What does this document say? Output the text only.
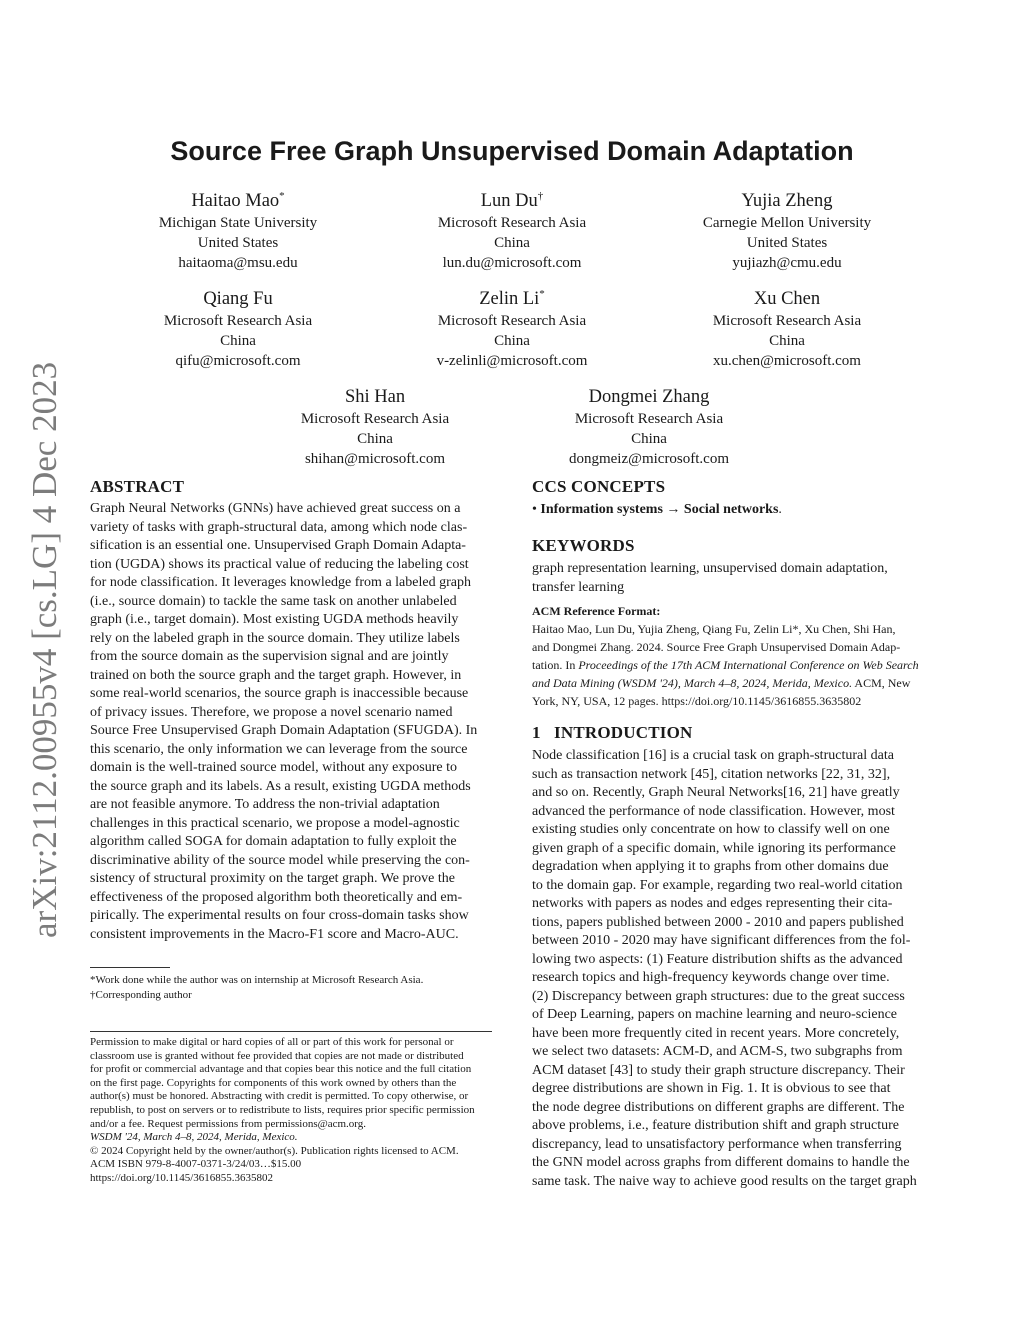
arXiv:2112.00955v4 [cs.LG] 4 Dec 2023
Source Free Graph Unsupervised Domain Adaptation
Haitao Mao*
Michigan State University
United States
haitaoma@msu.edu
Lun Du†
Microsoft Research Asia
China
lun.du@microsoft.com
Yujia Zheng
Carnegie Mellon University
United States
yujiazh@cmu.edu
Qiang Fu
Microsoft Research Asia
China
qifu@microsoft.com
Zelin Li*
Microsoft Research Asia
China
v-zelinli@microsoft.com
Xu Chen
Microsoft Research Asia
China
xu.chen@microsoft.com
Shi Han
Microsoft Research Asia
China
shihan@microsoft.com
Dongmei Zhang
Microsoft Research Asia
China
dongmeiz@microsoft.com
ABSTRACT

Graph Neural Networks (GNNs) have achieved great success on a
variety of tasks with graph-structural data, among which node clas-
sification is an essential one. Unsupervised Graph Domain Adapta-
tion (UGDA) shows its practical value of reducing the labeling cost
for node classification. It leverages knowledge from a labeled graph
(i.e., source domain) to tackle the same task on another unlabeled
graph (i.e., target domain). Most existing UGDA methods heavily
rely on the labeled graph in the source domain. They utilize labels
from the source domain as the supervision signal and are jointly
trained on both the source graph and the target graph. However, in
some real-world scenarios, the source graph is inaccessible because
of privacy issues. Therefore, we propose a novel scenario named
Source Free Unsupervised Graph Domain Adaptation (SFUGDA). In
this scenario, the only information we can leverage from the source
domain is the well-trained source model, without any exposure to
the source graph and its labels. As a result, existing UGDA methods
are not feasible anymore. To address the non-trivial adaptation
challenges in this practical scenario, we propose a model-agnostic
algorithm called SOGA for domain adaptation to fully exploit the
discriminative ability of the source model while preserving the con-
sistency of structural proximity on the target graph. We prove the
effectiveness of the proposed algorithm both theoretically and em-
pirically. The experimental results on four cross-domain tasks show
consistent improvements in the Macro-F1 score and Macro-AUC.

*Work done while the author was on internship at Microsoft Research Asia.

†Corresponding author

Permission to make digital or hard copies of all or part of this work for personal or
classroom use is granted without fee provided that copies are not made or distributed
for profit or commercial advantage and that copies bear this notice and the full citation
on the first page. Copyrights for components of this work owned by others than the
author(s) must be honored. Abstracting with credit is permitted. To copy otherwise, or
republish, to post on servers or to redistribute to lists, requires prior specific permission
and/or a fee. Request permissions from permissions@acm.org.

WSDM '24, March 4–8, 2024, Merida, Mexico.

© 2024 Copyright held by the owner/author(s). Publication rights licensed to ACM.

ACM ISBN 979-8-4007-0371-3/24/03…$15.00

https://doi.org/10.1145/3616855.3635802

CCS CONCEPTS

• Information systems → Social networks.

KEYWORDS

graph representation learning, unsupervised domain adaptation,
transfer learning

ACM Reference Format:

Haitao Mao, Lun Du, Yujia Zheng, Qiang Fu, Zelin Li*, Xu Chen, Shi Han,
and Dongmei Zhang. 2024. Source Free Graph Unsupervised Domain Adap-
tation. In Proceedings of the 17th ACM International Conference on Web Search
and Data Mining (WSDM '24), March 4–8, 2024, Merida, Mexico. ACM, New
York, NY, USA, 12 pages. https://doi.org/10.1145/3616855.3635802

1   INTRODUCTION

Node classification [16] is a crucial task on graph-structural data
such as transaction network [45], citation networks [22, 31, 32],
and so on. Recently, Graph Neural Networks[16, 21] have greatly
advanced the performance of node classification. However, most
existing studies only concentrate on how to classify well on one
given graph of a specific domain, while ignoring its performance
degradation when applying it to graphs from other domains due
to the domain gap. For example, regarding two real-world citation
networks with papers as nodes and edges representing their cita-
tions, papers published between 2000 - 2010 and papers published
between 2010 - 2020 may have significant differences from the fol-
lowing two aspects: (1) Feature distribution shifts as the advanced
research topics and high-frequency keywords change over time.
(2) Discrepancy between graph structures: due to the great success
of Deep Learning, papers on machine learning and neuro-science
have been more frequently cited in recent years. More concretely,
we select two datasets: ACM-D, and ACM-S, two subgraphs from
ACM dataset [43] to study their graph structure discrepancy. Their
degree distributions are shown in Fig. 1. It is obvious to see that
the node degree distributions on different graphs are different. The
above problems, i.e., feature distribution shift and graph structure
discrepancy, lead to unsatisfactory performance when transferring
the GNN model across graphs from different domains to handle the
same task. The naive way to achieve good results on the target graph
